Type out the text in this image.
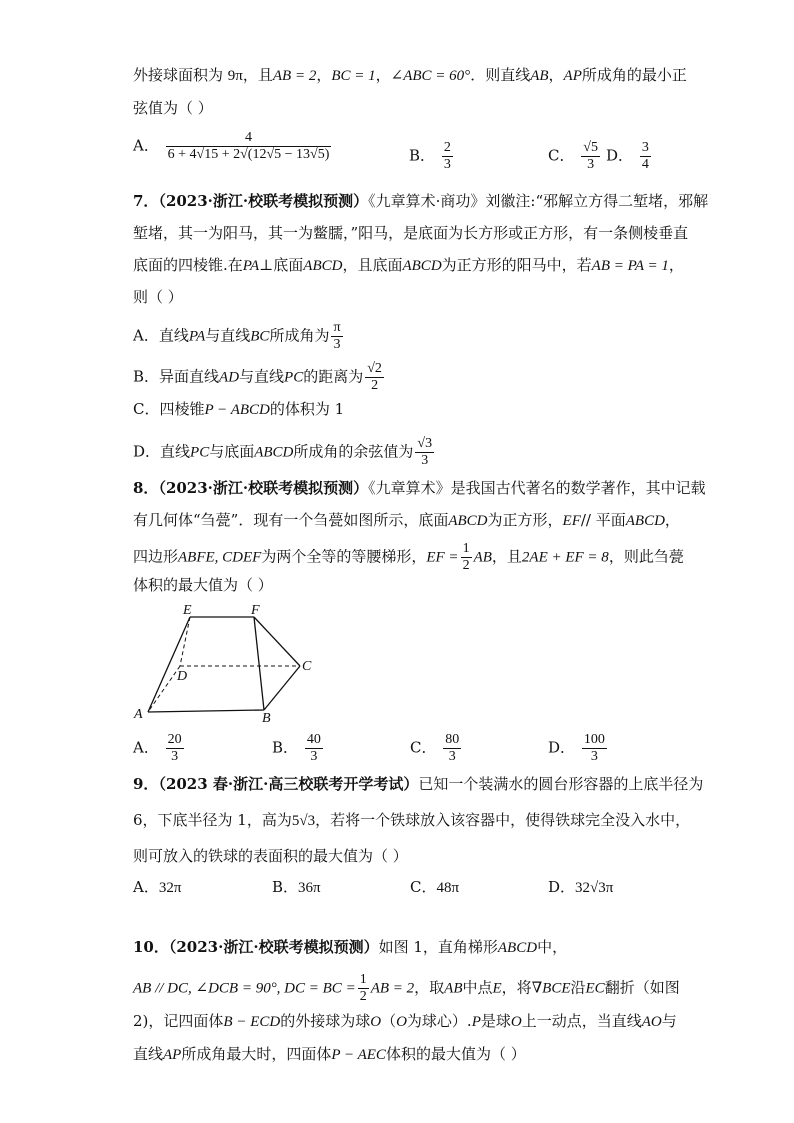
外接球面积为 9π，且AB = 2，BC = 1，∠ABC = 60°．则直线AB，AP所成角的最小正
弦值为（ ）
A． $\frac{4}{6 + 4√15 + 2√(12√5 - 13√5)}$	B． $\frac{2}{3}$	C． $\frac{√5}{3}$ D． $\frac{3}{4}$
7．（2023·浙江·校联考模拟预测）《九章算术·商功》刘徽注:“邪解立方得二堑堵，邪解
堑堵，其一为阳马，其一为鳖臑，”阳马，是底面为长方形或正方形，有一条侧棱垂直
底面的四棱锥.在PA⊥底面ABCD，且底面ABCD为正方形的阳马中，若AB = PA = 1，
则（ ）
A．直线PA与直线BC所成角为 $\frac{\pi}{3}$
B．异面直线AD与直线PC的距离为 $\frac{√2}{2}$
C．四棱锥P − ABCD的体积为 1
D．直线PC与底面ABCD所成角的余弦值为 $\frac{√3}{3}$
8．（2023·浙江·校联考模拟预测）《九章算术》是我国古代著名的数学著作，其中记载
有几何体“刍甍”．现有一个刍甍如图所示，底面ABCD为正方形，EF// 平面ABCD，
四边形ABFE, CDEF为两个全等的等腰梯形，EF = $\frac{1}{2}$ AB，且2AE + EF = 8，则此刍甍
体积的最大值为（ ）
E	F
D
C
A	B
A． $\frac{20}{3}$	B． $\frac{40}{3}$	C． $\frac{80}{3}$	D． $\frac{100}{3}$
9．（2023 春·浙江·高三校联考开学考试）已知一个装满水的圆台形容器的上底半径为
6，下底半径为 1，高为5√3，若将一个铁球放入该容器中，使得铁球完全没入水中，
则可放入的铁球的表面积的最大值为（ ）
A．32π	B．36π	C．48π	D．32√3π
10．（2023·浙江·校联考模拟预测）如图 1，直角梯形ABCD中，
AB // DC, ∠DCB = 90°, DC = BC = $\frac{1}{2}$ AB = 2，取AB中点E，将∇BCE沿EC翻折（如图
2)，记四面体B − ECD的外接球为球O（O为球心）.P是球O上一动点，当直线AO与
直线AP所成角最大时，四面体P − AEC体积的最大值为（ ）
